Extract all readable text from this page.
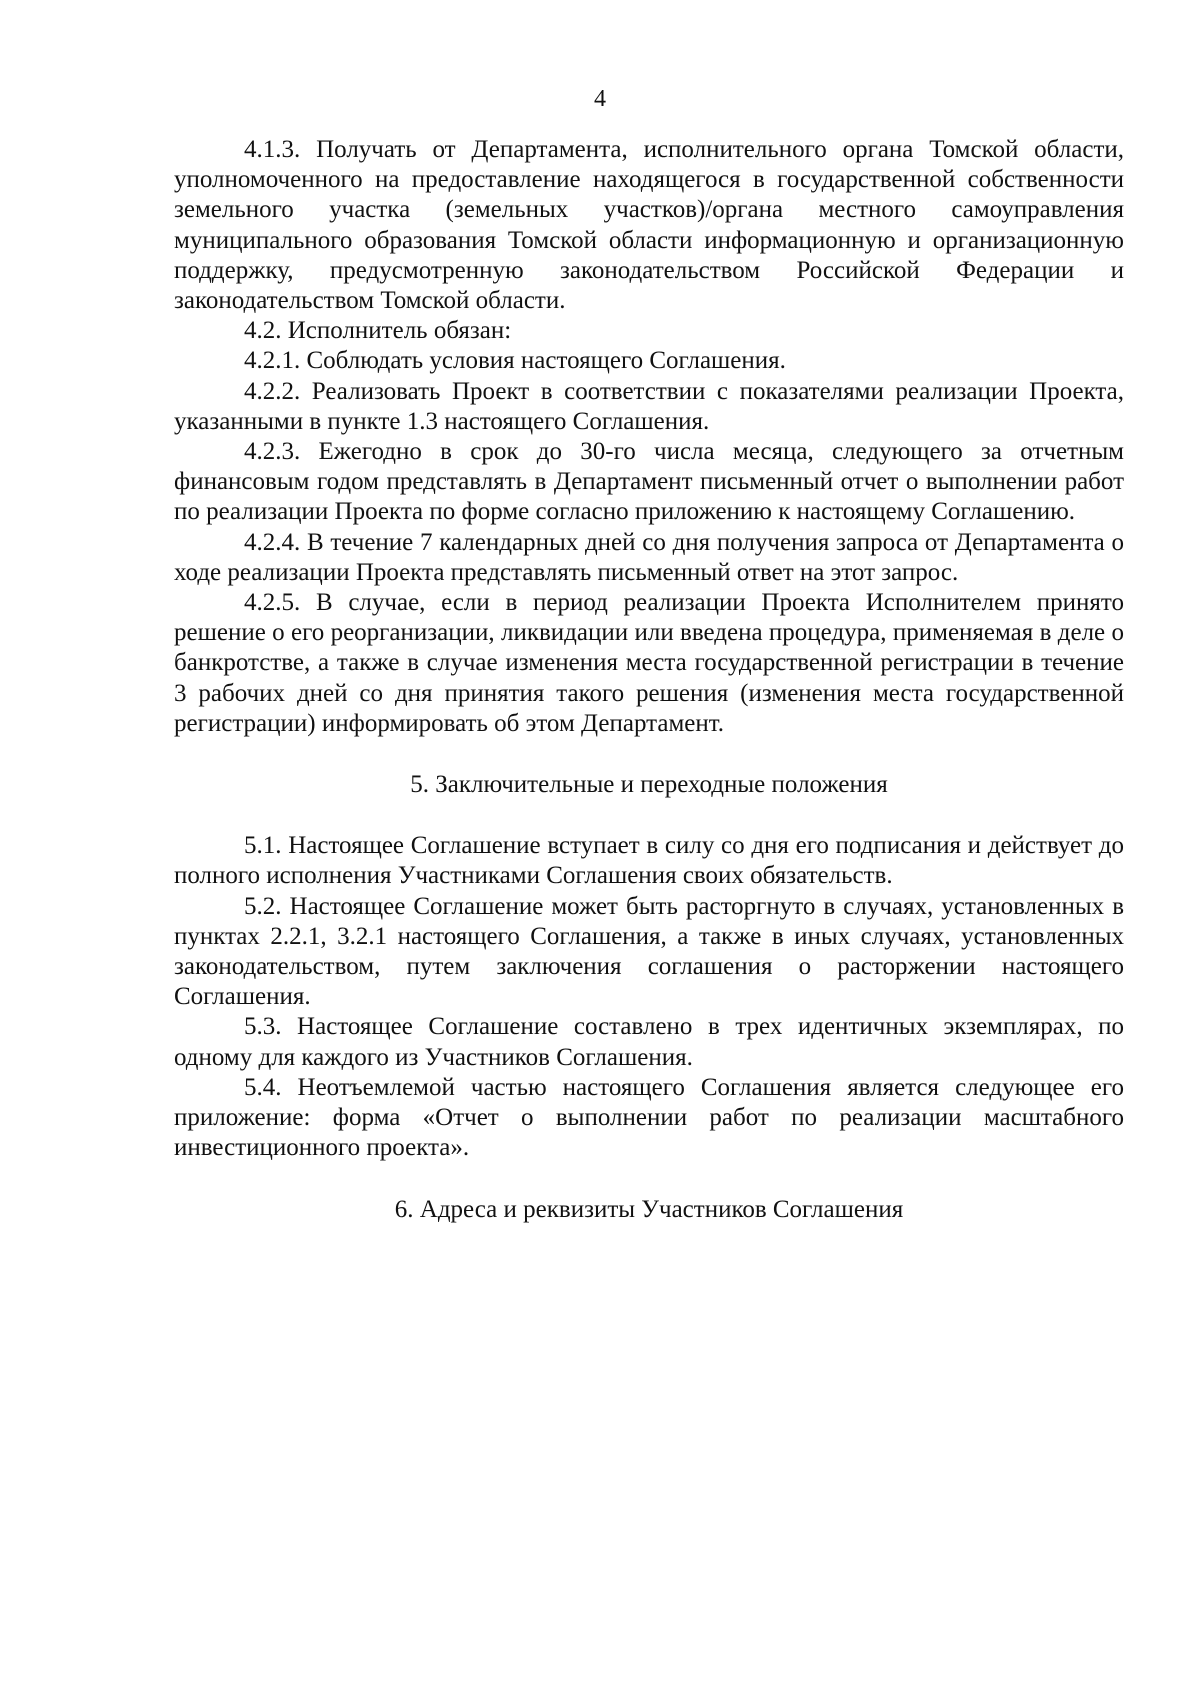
4

4.1.3. Получать от Департамента, исполнительного органа Томской области, уполномоченного на предоставление находящегося в государственной собственности земельного участка (земельных участков)/органа местного самоуправления муниципального образования Томской области информационную и организационную поддержку, предусмотренную законодательством Российской Федерации и законодательством Томской области.

4.2. Исполнитель обязан:

4.2.1. Соблюдать условия настоящего Соглашения.

4.2.2. Реализовать Проект в соответствии с показателями реализации Проекта, указанными в пункте 1.3 настоящего Соглашения.

4.2.3. Ежегодно в срок до 30-го числа месяца, следующего за отчетным финансовым годом представлять в Департамент письменный отчет о выполнении работ по реализации Проекта по форме согласно приложению к настоящему Соглашению.

4.2.4. В течение 7 календарных дней со дня получения запроса от Департамента о ходе реализации Проекта представлять письменный ответ на этот запрос.

4.2.5. В случае, если в период реализации Проекта Исполнителем принято решение о его реорганизации, ликвидации или введена процедура, применяемая в деле о банкротстве, а также в случае изменения места государственной регистрации в течение 3 рабочих дней со дня принятия такого решения (изменения места государственной регистрации) информировать об этом Департамент.

5. Заключительные и переходные положения

5.1. Настоящее Соглашение вступает в силу со дня его подписания и действует до полного исполнения Участниками Соглашения своих обязательств.

5.2. Настоящее Соглашение может быть расторгнуто в случаях, установленных в пунктах 2.2.1, 3.2.1 настоящего Соглашения, а также в иных случаях, установленных законодательством, путем заключения соглашения о расторжении настоящего Соглашения.

5.3. Настоящее Соглашение составлено в трех идентичных экземплярах, по одному для каждого из Участников Соглашения.

5.4. Неотъемлемой частью настоящего Соглашения является следующее его приложение: форма «Отчет о выполнении работ по реализации масштабного инвестиционного проекта».

6. Адреса и реквизиты Участников Соглашения
